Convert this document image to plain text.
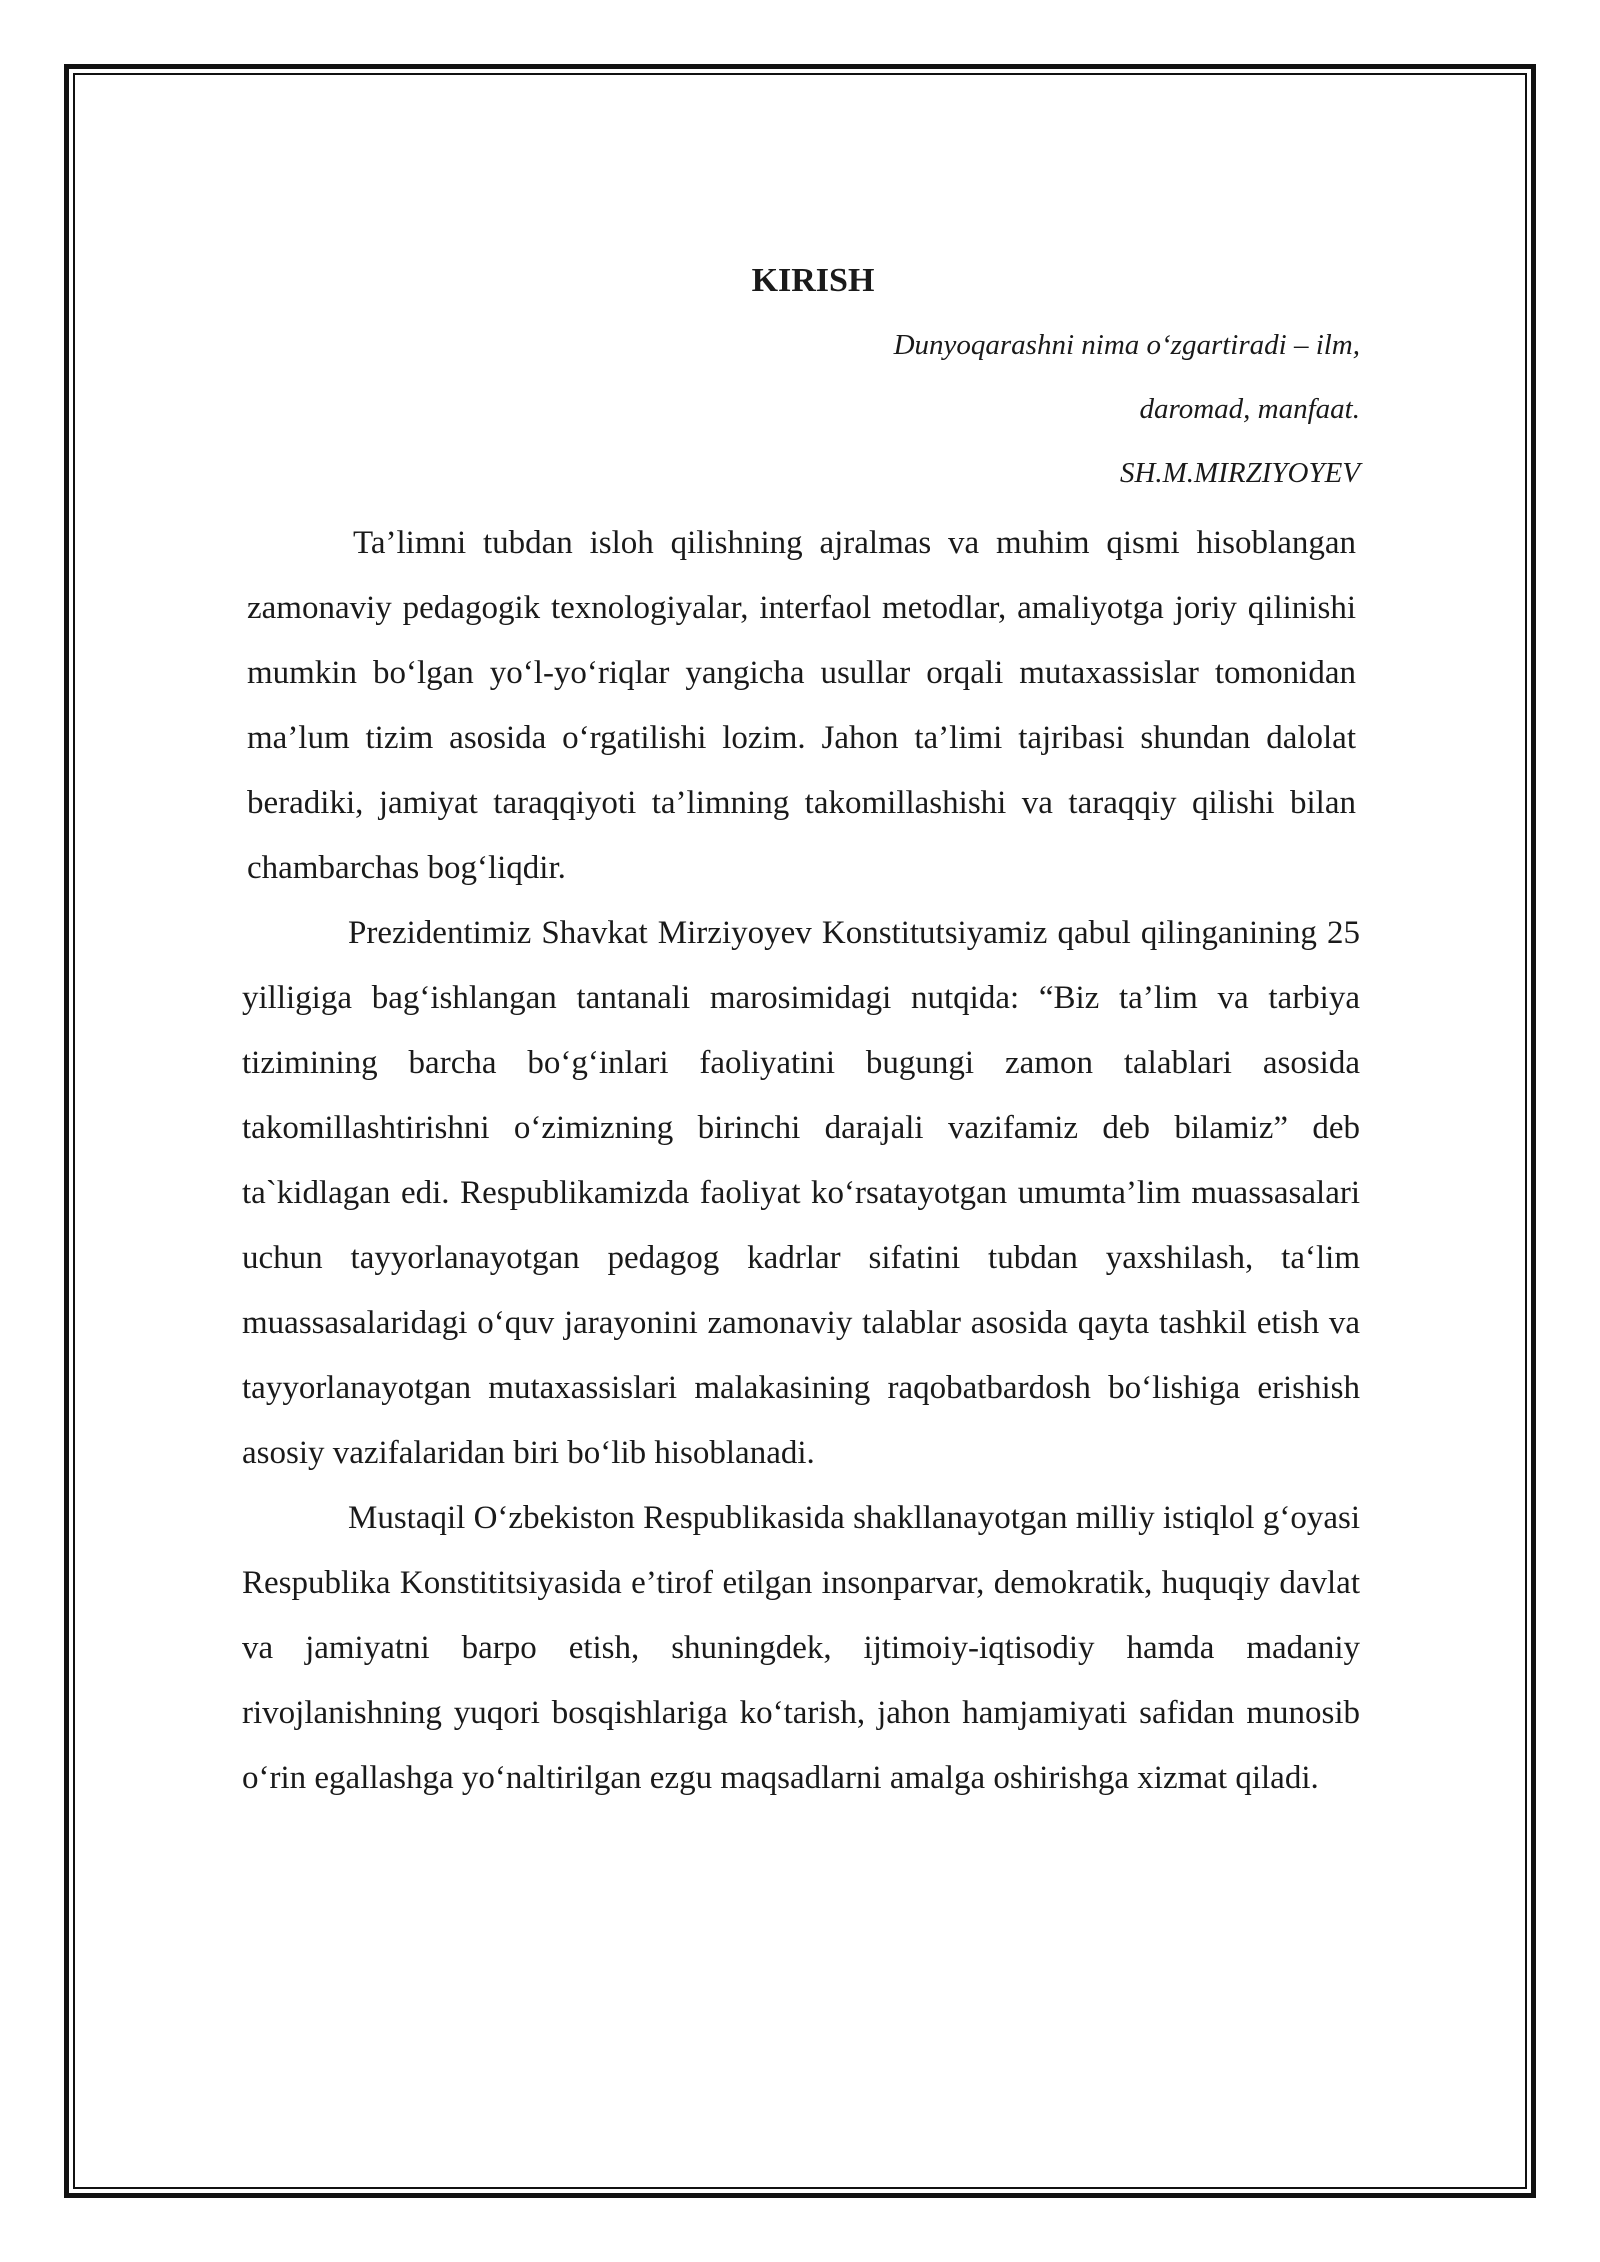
KIRISH
Dunyoqarashni nima o‘zgartiradi – ilm,
daromad, manfaat.
SH.M.MIRZIYOYEV

Ta’limni tubdan isloh qilishning ajralmas va muhim qismi hisoblangan zamonaviy pedagogik texnologiyalar, interfaol metodlar, amaliyotga joriy qilinishi mumkin bo‘lgan yo‘l-yo‘riqlar yangicha usullar orqali mutaxassislar tomonidan ma’lum tizim asosida o‘rgatilishi lozim. Jahon ta’limi tajribasi shundan dalolat beradiki, jamiyat taraqqiyoti ta’limning takomillashishi va taraqqiy qilishi bilan chambarchas bog‘liqdir.

Prezidentimiz Shavkat Mirziyoyev Konstitutsiyamiz qabul qilinganining 25 yilligiga bag‘ishlangan tantanali marosimidagi nutqida: “Biz ta’lim va tarbiya tizimining barcha bo‘g‘inlari faoliyatini bugungi zamon talablari asosida takomillashtirishni o‘zimizning birinchi darajali vazifamiz deb bilamiz” deb ta`kidlagan edi. Respublikamizda faoliyat ko‘rsatayotgan umumta’lim muassasalari uchun tayyorlanayotgan pedagog kadrlar sifatini tubdan yaxshilash, ta‘lim muassasalaridagi o‘quv jarayonini zamonaviy talablar asosida qayta tashkil etish va tayyorlanayotgan mutaxassislari malakasining raqobatbardosh bo‘lishiga erishish asosiy vazifalaridan biri bo‘lib hisoblanadi.

Mustaqil O‘zbekiston Respublikasida shakllanayotgan milliy istiqlol g‘oyasi Respublika Konstititsiyasida e’tirof etilgan insonparvar, demokratik, huquqiy davlat va jamiyatni barpo etish, shuningdek, ijtimoiy-iqtisodiy hamda madaniy rivojlanishning yuqori bosqishlariga ko‘tarish, jahon hamjamiyati safidan munosib o‘rin egallashga yo‘naltirilgan ezgu maqsadlarni amalga oshirishga xizmat qiladi.
